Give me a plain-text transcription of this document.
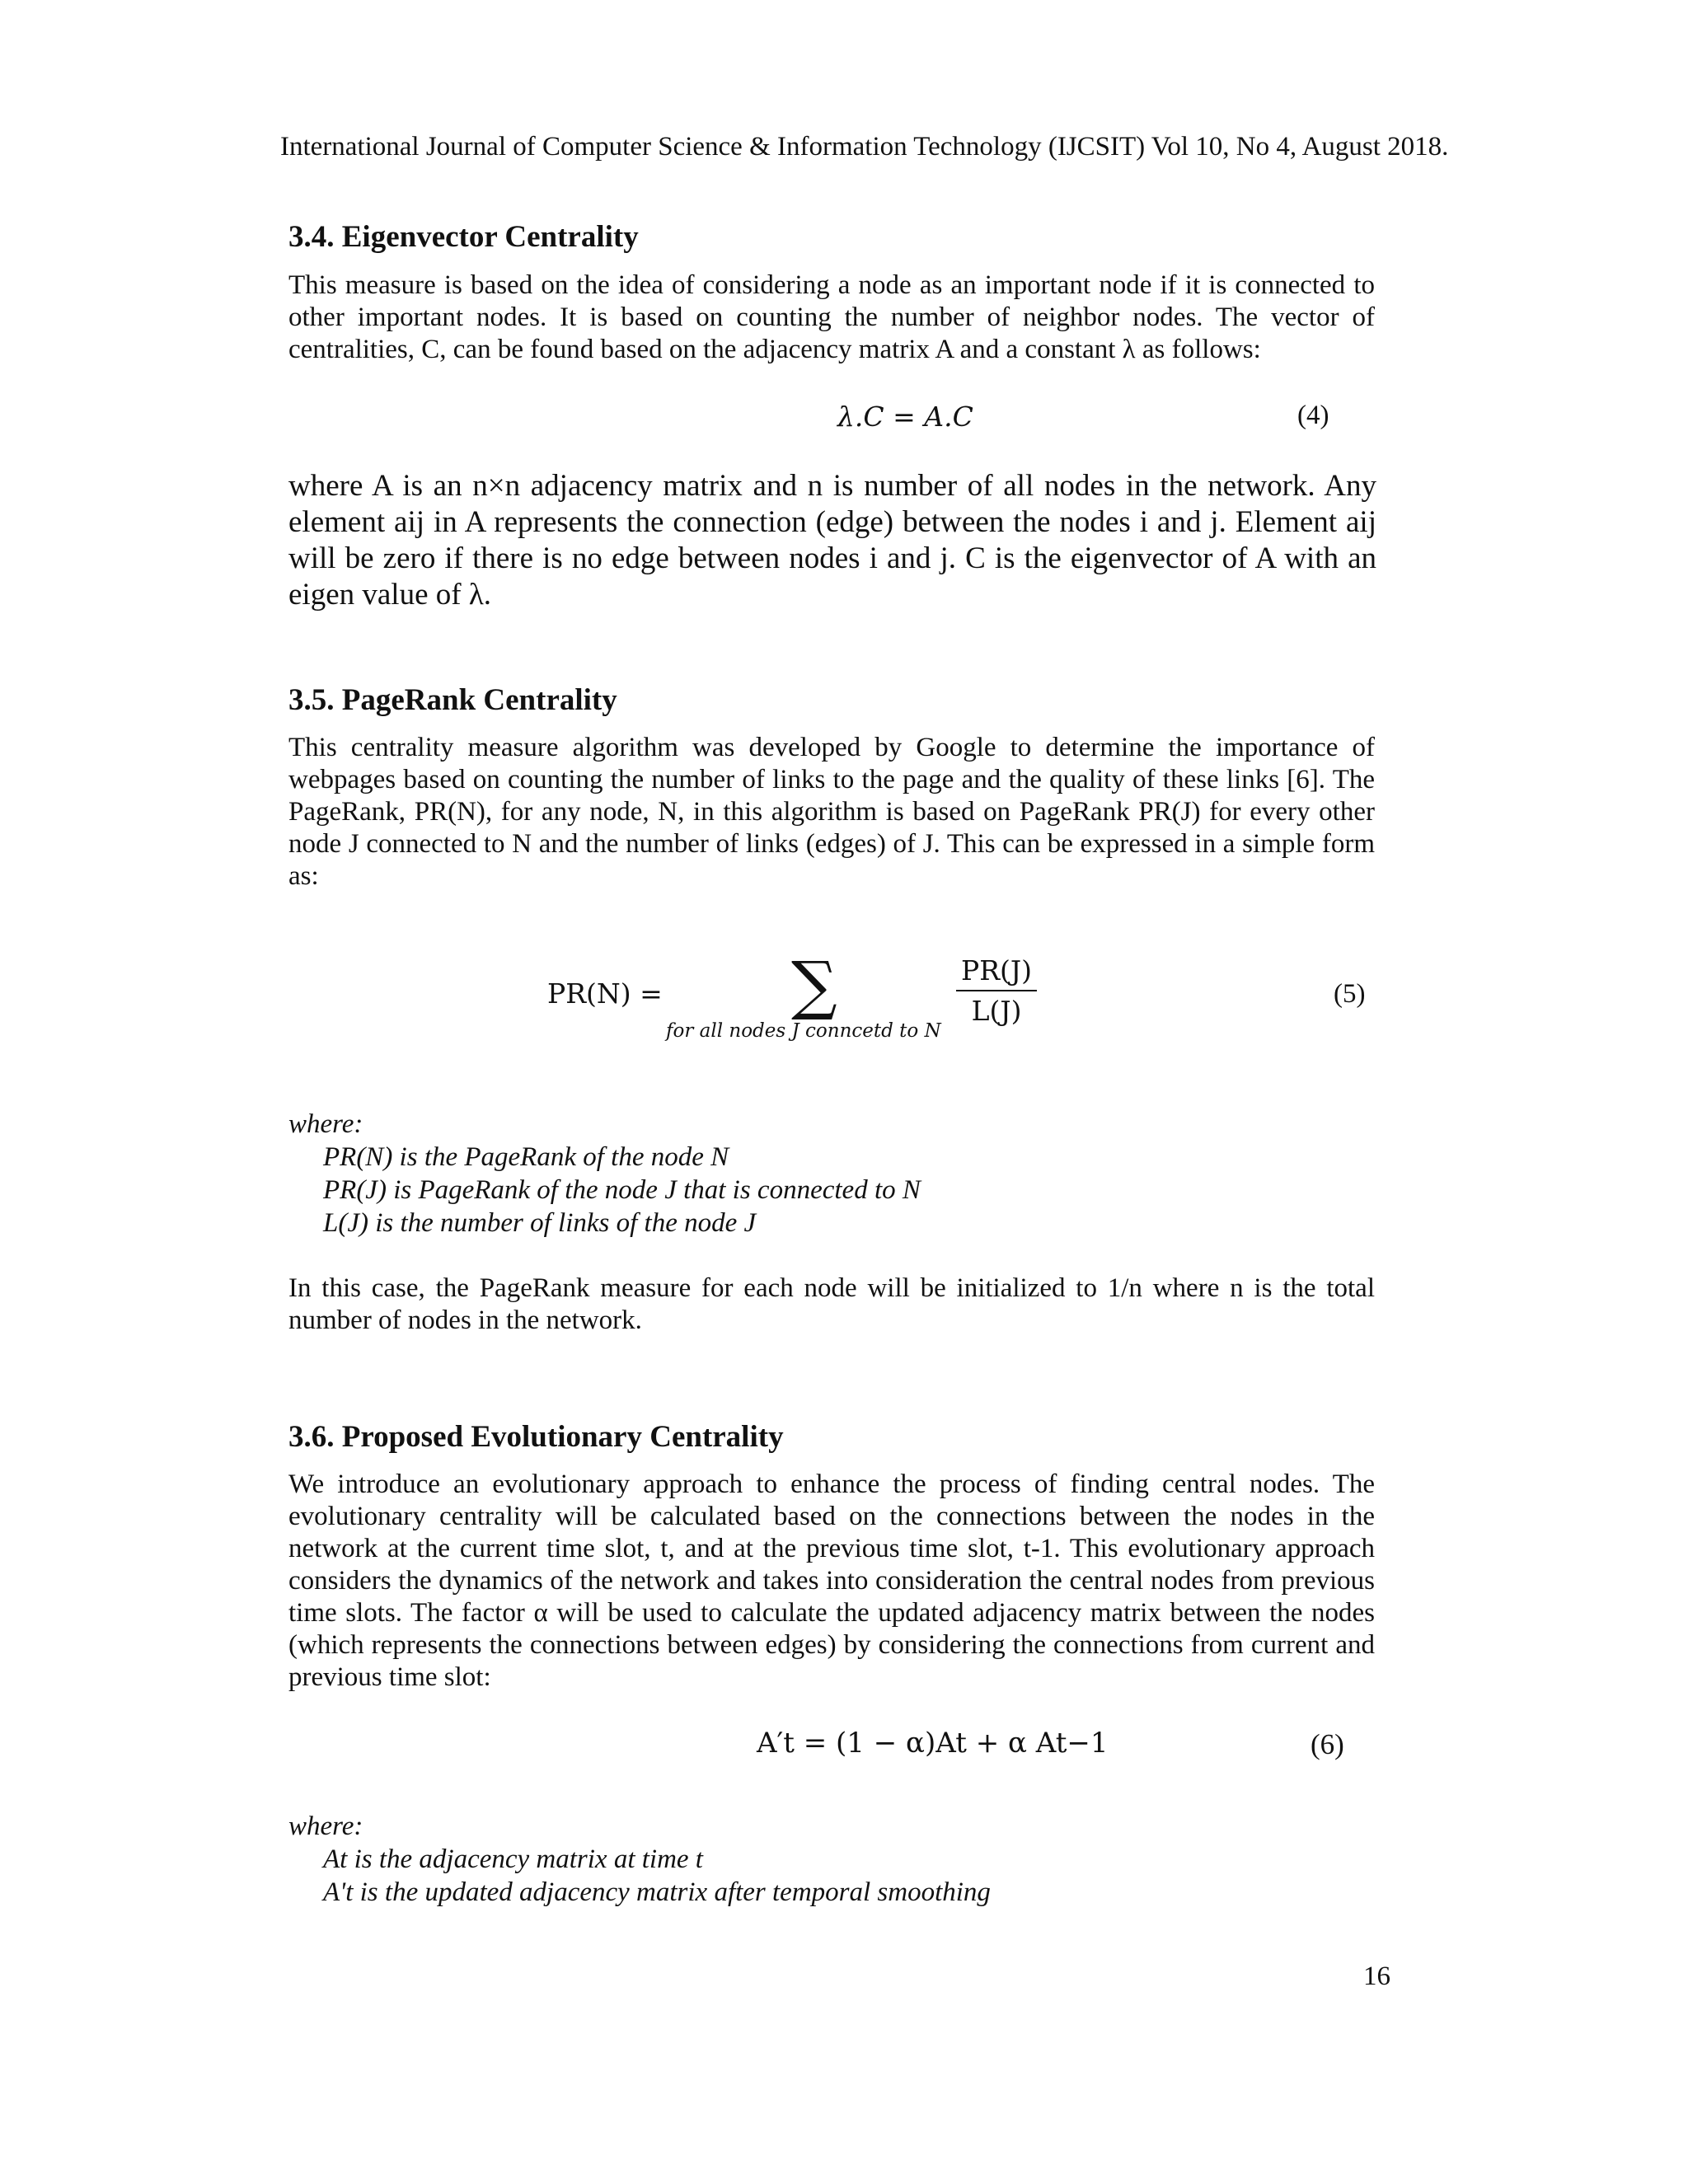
International Journal of Computer Science & Information Technology (IJCSIT) Vol 10, No 4, August 2018.
3.4. Eigenvector Centrality

This measure is based on the idea of considering a node as an important node if it is connected to other important nodes. It is based on counting the number of neighbor nodes. The vector of centralities, C, can be found based on the adjacency matrix A and a constant λ as follows:

λ.C = A.C	(4)

where A is an n×n adjacency matrix and n is number of all nodes in the network. Any element aij in A represents the connection (edge) between the nodes i and j. Element aij will be zero if there is no edge between nodes i and j. C is the eigenvector of A with an eigen value of λ.

3.5. PageRank Centrality

This centrality measure algorithm was developed by Google to determine the importance of webpages based on counting the number of links to the page and the quality of these links [6]. The PageRank, PR(N), for any node, N, in this algorithm is based on PageRank PR(J) for every other node J connected to N and the number of links (edges) of J. This can be expressed in a simple form as:

PR(N) = ∑
for all nodes J conncetd to N
$\frac{PR(J)}{L(J)}$	(5)
where:
PR(N) is the PageRank of the node N
PR(J) is PageRank of the node J that is connected to N
L(J) is the number of links of the node J

In this case, the PageRank measure for each node will be initialized to 1/n where n is the total number of nodes in the network.

3.6. Proposed Evolutionary Centrality

We introduce an evolutionary approach to enhance the process of finding central nodes. The evolutionary centrality will be calculated based on the connections between the nodes in the network at the current time slot, t, and at the previous time slot, t-1. This evolutionary approach considers the dynamics of the network and takes into consideration the central nodes from previous time slots. The factor α will be used to calculate the updated adjacency matrix between the nodes (which represents the connections between edges) by considering the connections from current and previous time slot:

A′t = (1 − α)At + α At−1	(6)
where:
At is the adjacency matrix at time t
A't is the updated adjacency matrix after temporal smoothing
16
